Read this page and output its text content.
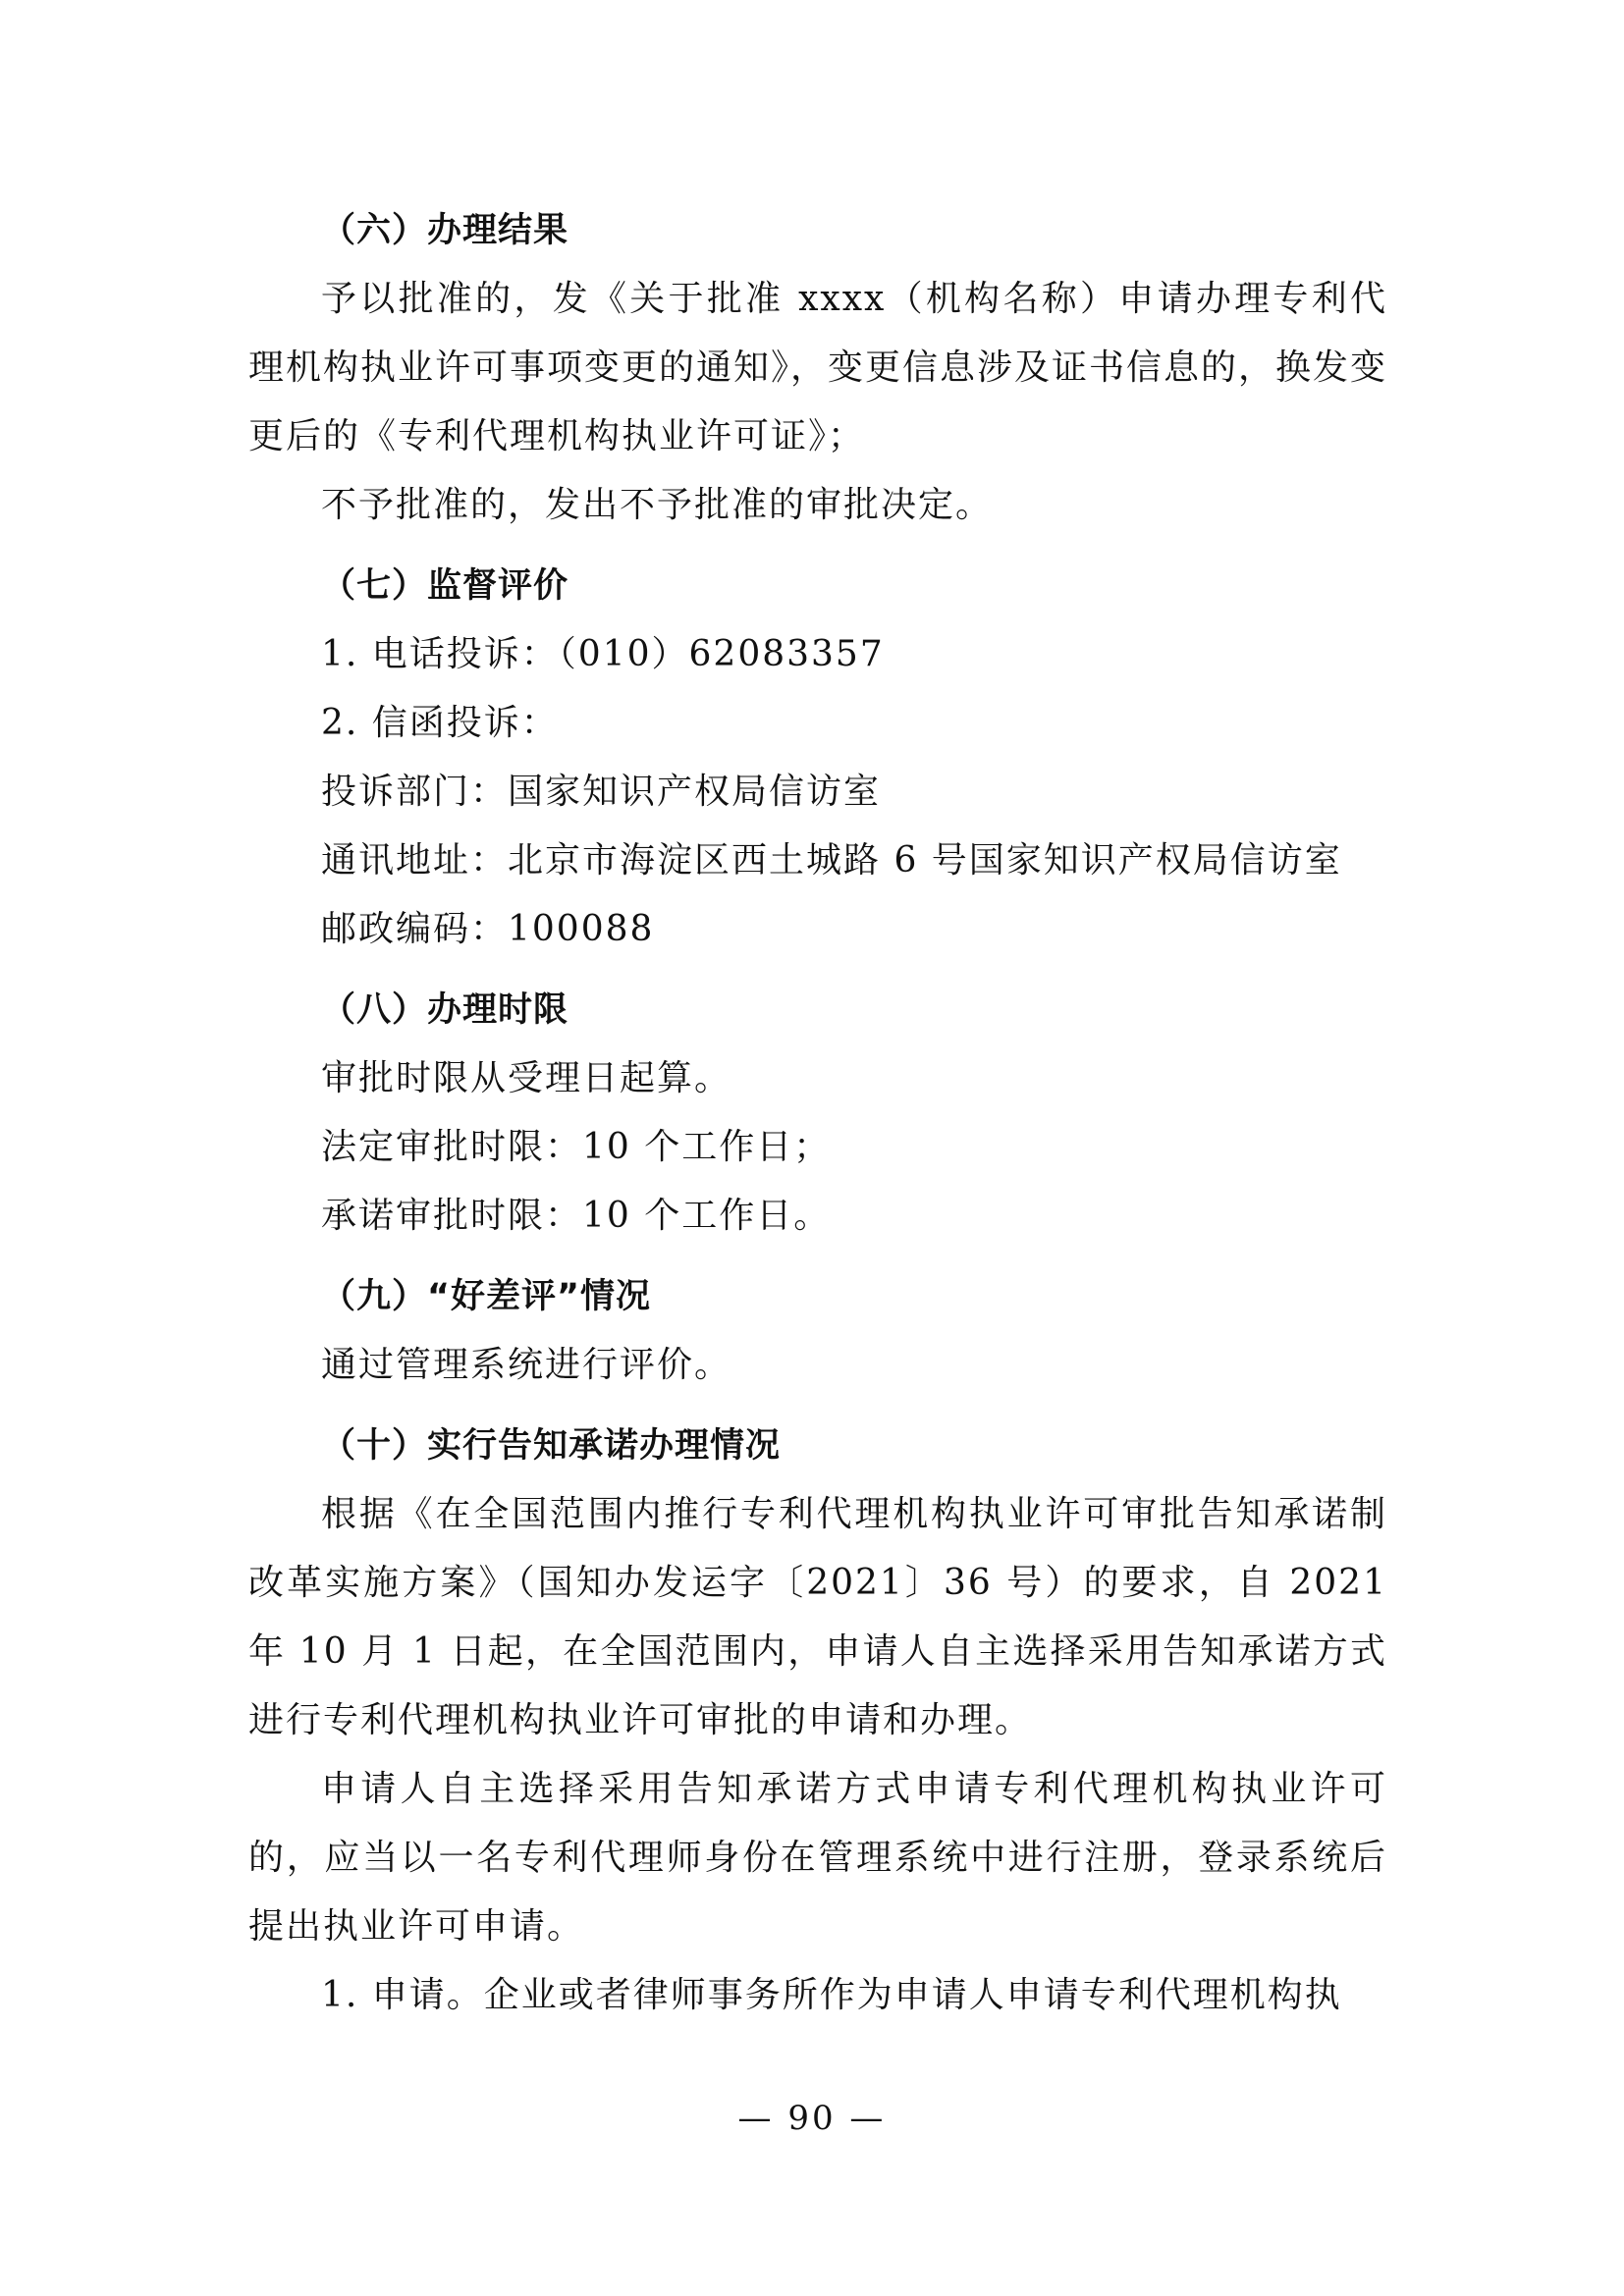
（六）办理结果

予以批准的，发《关于批准 xxxx（机构名称）申请办理专利代理机构执业许可事项变更的通知》，变更信息涉及证书信息的，换发变更后的《专利代理机构执业许可证》；

不予批准的，发出不予批准的审批决定。

（七）监督评价

1. 电话投诉：（010）62083357

2. 信函投诉：

投诉部门：国家知识产权局信访室

通讯地址：北京市海淀区西土城路 6 号国家知识产权局信访室

邮政编码：100088

（八）办理时限

审批时限从受理日起算。

法定审批时限：10 个工作日；

承诺审批时限：10 个工作日。

（九）“好差评”情况

通过管理系统进行评价。

（十）实行告知承诺办理情况

根据《在全国范围内推行专利代理机构执业许可审批告知承诺制改革实施方案》（国知办发运字〔2021〕36 号）的要求，自 2021 年 10 月 1 日起，在全国范围内，申请人自主选择采用告知承诺方式进行专利代理机构执业许可审批的申请和办理。

申请人自主选择采用告知承诺方式申请专利代理机构执业许可的，应当以一名专利代理师身份在管理系统中进行注册，登录系统后提出执业许可申请。

1. 申请。企业或者律师事务所作为申请人申请专利代理机构执

— 90 —
